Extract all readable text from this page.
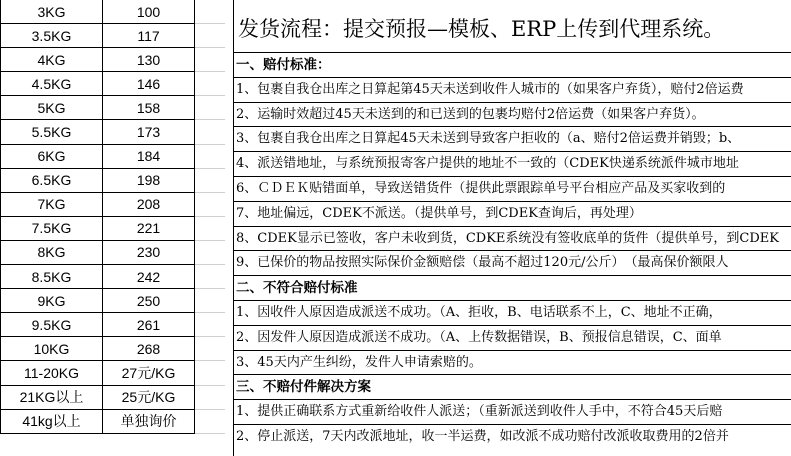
3KG	100	
3.5KG	117	
4KG	130	
4.5KG	146	
5KG	158	
5.5KG	173	
6KG	184	
6.5KG	198	
7KG	208	
7.5KG	221	
8KG	230	
8.5KG	242	
9KG	250	
9.5KG	261	
10KG	268	
11-20KG	27元/KG	
21KG以上	25元/KG	
41kg以上	单独询价	
发货流程：提交预报—模板、ERP上传到代理系统。
一、赔付标准：
1、包裹自我仓出库之日算起第45天未送到收件人城市的（如果客户弃货），赔付2倍运费
2、运输时效超过45天未送到的和已送到的包裹均赔付2倍运费（如果客户弃货）。
3、包裹自我仓出库之日算起45天未送到导致客户拒收的（a、赔付2倍运费并销毁；b、
4、派送错地址，与系统预报寄客户提供的地址不一致的（CDEK快递系统派件城市地址
6、ＣＤＥＫ贴错面单，导致送错货件（提供此票跟踪单号平台相应产品及买家收到的
7、地址偏远，CDEK不派送。（提供单号，到CDEK查询后，再处理）
8、CDEK显示已签收，客户未收到货，CDKE系统没有签收底单的货件（提供单号，到CDEK
9、已保价的物品按照实际保价金额赔偿（最高不超过120元/公斤）　（最高保价额限人
二、不符合赔付标准
1、因收件人原因造成派送不成功。（A、拒收，B、电话联系不上，C、地址不正确，
2、因发件人原因造成派送不成功。（A、上传数据错误，B、预报信息错误，C、面单
3、45天内产生纠纷，发件人申请索赔的。
三、不赔付件解决方案
1、提供正确联系方式重新给收件人派送；（重新派送到收件人手中，不符合45天后赔
2、停止派送，7天内改派地址，收一半运费，如改派不成功赔付改派收取费用的2倍并
